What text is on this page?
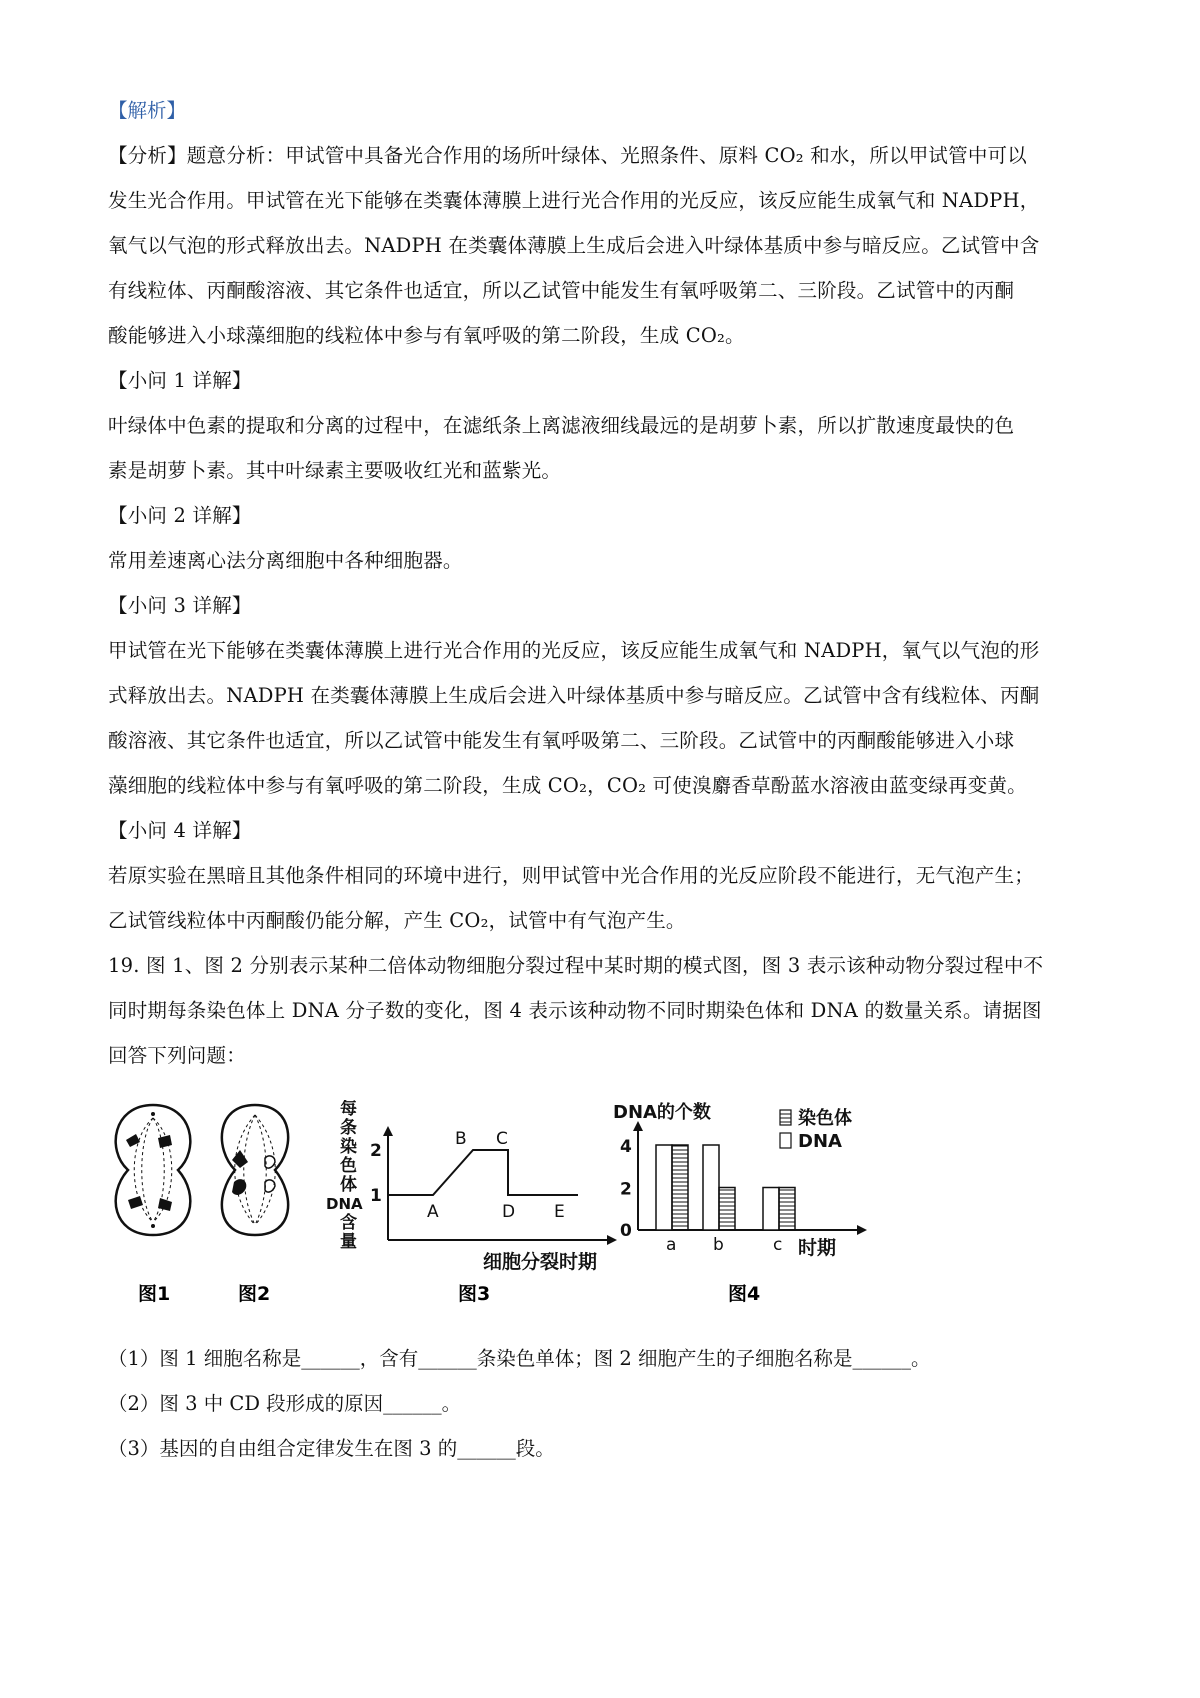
【解析】

【分析】题意分析：甲试管中具备光合作用的场所叶绿体、光照条件、原料 CO₂ 和水，所以甲试管中可以

发生光合作用。甲试管在光下能够在类囊体薄膜上进行光合作用的光反应，该反应能生成氧气和 NADPH，

氧气以气泡的形式释放出去。NADPH 在类囊体薄膜上生成后会进入叶绿体基质中参与暗反应。乙试管中含

有线粒体、丙酮酸溶液、其它条件也适宜，所以乙试管中能发生有氧呼吸第二、三阶段。乙试管中的丙酮

酸能够进入小球藻细胞的线粒体中参与有氧呼吸的第二阶段，生成 CO₂。

【小问 1 详解】

叶绿体中色素的提取和分离的过程中，在滤纸条上离滤液细线最远的是胡萝卜素，所以扩散速度最快的色

素是胡萝卜素。其中叶绿素主要吸收红光和蓝紫光。

【小问 2 详解】

常用差速离心法分离细胞中各种细胞器。

【小问 3 详解】

甲试管在光下能够在类囊体薄膜上进行光合作用的光反应，该反应能生成氧气和 NADPH，氧气以气泡的形

式释放出去。NADPH 在类囊体薄膜上生成后会进入叶绿体基质中参与暗反应。乙试管中含有线粒体、丙酮

酸溶液、其它条件也适宜，所以乙试管中能发生有氧呼吸第二、三阶段。乙试管中的丙酮酸能够进入小球

藻细胞的线粒体中参与有氧呼吸的第二阶段，生成 CO₂，CO₂ 可使溴麝香草酚蓝水溶液由蓝变绿再变黄。

【小问 4 详解】

若原实验在黑暗且其他条件相同的环境中进行，则甲试管中光合作用的光反应阶段不能进行，无气泡产生；

乙试管线粒体中丙酮酸仍能分解，产生 CO₂，试管中有气泡产生。

19. 图 1、图 2 分别表示某种二倍体动物细胞分裂过程中某时期的模式图，图 3 表示该种动物分裂过程中不

同时期每条染色体上 DNA 分子数的变化，图 4 表示该种动物不同时期染色体和 DNA 的数量关系。请据图

回答下列问题：

图1	图2
每
条
染
色
体
DNA
含
量
2
1
A
B C
D E
细胞分裂时期
图3
DNA的个数
4
2
0
a b	c 时期
染色体
DNA
图4

（1）图 1 细胞名称是______，含有______条染色单体；图 2 细胞产生的子细胞名称是______。

（2）图 3 中 CD 段形成的原因______。

（3）基因的自由组合定律发生在图 3 的______段。
